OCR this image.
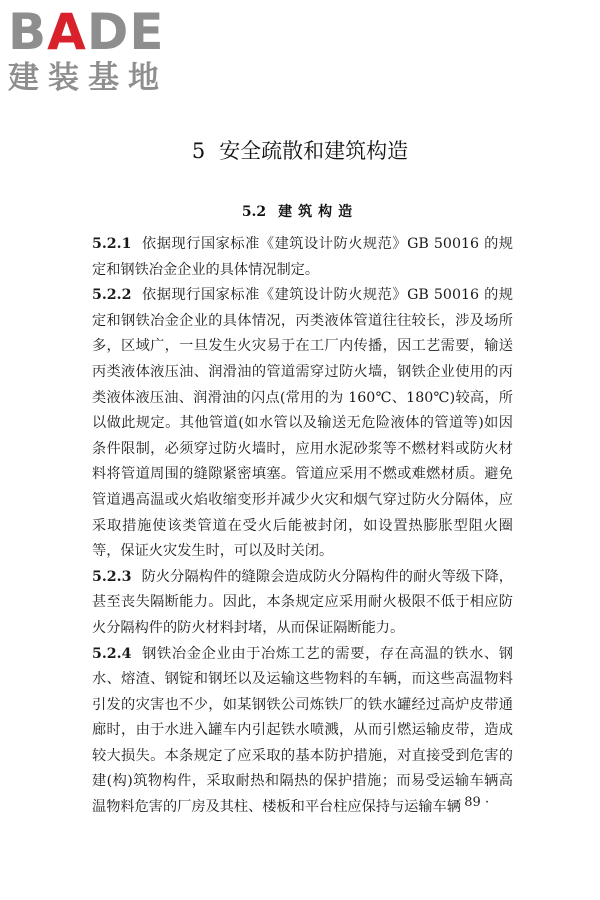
BADE
建装基地
5 安全疏散和建筑构造
5.2 建筑构造

5.2.1 依据现行国家标准《建筑设计防火规范》GB 50016 的规定和钢铁冶金企业的具体情况制定。

5.2.2 依据现行国家标准《建筑设计防火规范》GB 50016 的规定和钢铁冶金企业的具体情况，丙类液体管道往往较长，涉及场所多，区域广，一旦发生火灾易于在工厂内传播，因工艺需要，输送丙类液体液压油、润滑油的管道需穿过防火墙，钢铁企业使用的丙类液体液压油、润滑油的闪点(常用的为 160℃、180℃)较高，所以做此规定。其他管道(如水管以及输送无危险液体的管道等)如因条件限制，必须穿过防火墙时，应用水泥砂浆等不燃材料或防火材料将管道周围的缝隙紧密填塞。管道应采用不燃或难燃材质。避免管道遇高温或火焰收缩变形并减少火灾和烟气穿过防火分隔体，应采取措施使该类管道在受火后能被封闭，如设置热膨胀型阻火圈等，保证火灾发生时，可以及时关闭。

5.2.3 防火分隔构件的缝隙会造成防火分隔构件的耐火等级下降，甚至丧失隔断能力。因此，本条规定应采用耐火极限不低于相应防火分隔构件的防火材料封堵，从而保证隔断能力。

5.2.4 钢铁冶金企业由于冶炼工艺的需要，存在高温的铁水、钢水、熔渣、钢锭和钢坯以及运输这些物料的车辆，而这些高温物料引发的灾害也不少，如某钢铁公司炼铁厂的铁水罐经过高炉皮带通廊时，由于水进入罐车内引起铁水喷溅，从而引燃运输皮带，造成较大损失。本条规定了应采取的基本防护措施，对直接受到危害的建(构)筑物构件，采取耐热和隔热的保护措施；而易受运输车辆高温物料危害的厂房及其柱、楼板和平台柱应保持与运输车辆

· 89 ·
